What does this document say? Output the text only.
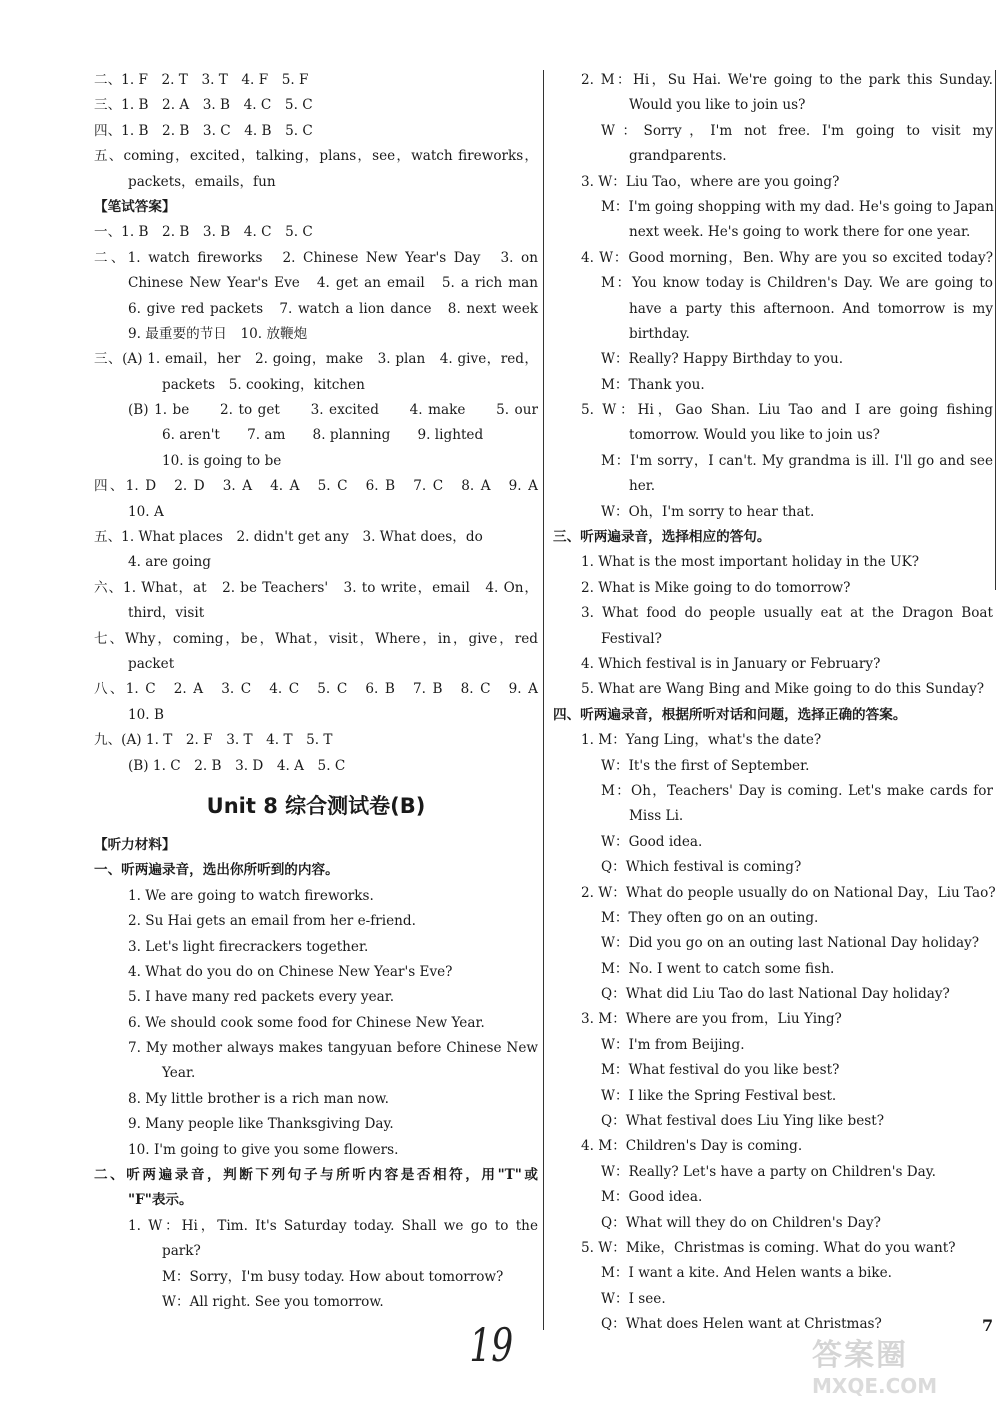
二、1. F　2. T　3. T　4. F　5. F
三、1. B　2. A　3. B　4. C　5. C
四、1. B　2. B　3. C　4. B　5. C
五、coming，excited，talking，plans，see，watch fireworks，
packets，emails，fun
【笔试答案】
一、1. B　2. B　3. B　4. C　5. C
二、1. watch fireworks　2. Chinese New Year's Day　3. on
Chinese New Year's Eve　4. get an email　5. a rich man
6. give red packets　7. watch a lion dance　8. next week
9. 最重要的节日　10. 放鞭炮
三、(A) 1. email，her　2. going，make　3. plan　4. give，red，
packets　5. cooking，kitchen
(B) 1. be　　2. to get　　3. excited　　4. make　　5. our
6. aren't　　7. am　　8. planning　　9. lighted
10. is going to be
四、1. D　2. D　3. A　4. A　5. C　6. B　7. C　8. A　9. A
10. A
五、1. What places　2. didn't get any　3. What does，do
4. are going
六、1. What，at　2. be Teachers'　3. to write，email　4. On，
third，visit
七、Why，coming，be，What，visit，Where，in，give，red
packet
八、1. C　2. A　3. C　4. C　5. C　6. B　7. B　8. C　9. A
10. B
九、(A) 1. T　2. F　3. T　4. T　5. T
(B) 1. C　2. B　3. D　4. A　5. C
Unit 8 综合测试卷(B)
【听力材料】
一、听两遍录音，选出你所听到的内容。
1. We are going to watch fireworks.
2. Su Hai gets an email from her e-friend.
3. Let's light firecrackers together.
4. What do you do on Chinese New Year's Eve?
5. I have many red packets every year.
6. We should cook some food for Chinese New Year.
7. My mother always makes tangyuan before Chinese New
Year.
8. My little brother is a rich man now.
9. Many people like Thanksgiving Day.
10. I'm going to give you some flowers.
二、听两遍录音，判断下列句子与所听内容是否相符，用"T"或
"F"表示。
1. W：Hi，Tim. It's Saturday today. Shall we go to the
park?
M：Sorry，I'm busy today. How about tomorrow?
W：All right. See you tomorrow.
2. M：Hi，Su Hai. We're going to the park this Sunday.
Would you like to join us?
W：Sorry，I'm not free. I'm going to visit my
grandparents.
3. W：Liu Tao，where are you going?
M：I'm going shopping with my dad. He's going to Japan
next week. He's going to work there for one year.
4. W：Good morning，Ben. Why are you so excited today?
M：You know today is Children's Day. We are going to
have a party this afternoon. And tomorrow is my
birthday.
W：Really? Happy Birthday to you.
M：Thank you.
5. W：Hi，Gao Shan. Liu Tao and I are going fishing
tomorrow. Would you like to join us?
M：I'm sorry，I can't. My grandma is ill. I'll go and see
her.
W：Oh，I'm sorry to hear that.
三、听两遍录音，选择相应的答句。
1. What is the most important holiday in the UK?
2. What is Mike going to do tomorrow?
3. What food do people usually eat at the Dragon Boat
Festival?
4. Which festival is in January or February?
5. What are Wang Bing and Mike going to do this Sunday?
四、听两遍录音，根据所听对话和问题，选择正确的答案。
1. M：Yang Ling，what's the date?
W：It's the first of September.
M：Oh，Teachers' Day is coming. Let's make cards for
Miss Li.
W：Good idea.
Q：Which festival is coming?
2. W：What do people usually do on National Day，Liu Tao?
M：They often go on an outing.
W：Did you go on an outing last National Day holiday?
M：No. I went to catch some fish.
Q：What did Liu Tao do last National Day holiday?
3. M：Where are you from，Liu Ying?
W：I'm from Beijing.
M：What festival do you like best?
W：I like the Spring Festival best.
Q：What festival does Liu Ying like best?
4. M：Children's Day is coming.
W：Really? Let's have a party on Children's Day.
M：Good idea.
Q：What will they do on Children's Day?
5. W：Mike，Christmas is coming. What do you want?
M：I want a kite. And Helen wants a bike.
W：I see.
Q：What does Helen want at Christmas?
19	7
答案圈
MXQE.COM
